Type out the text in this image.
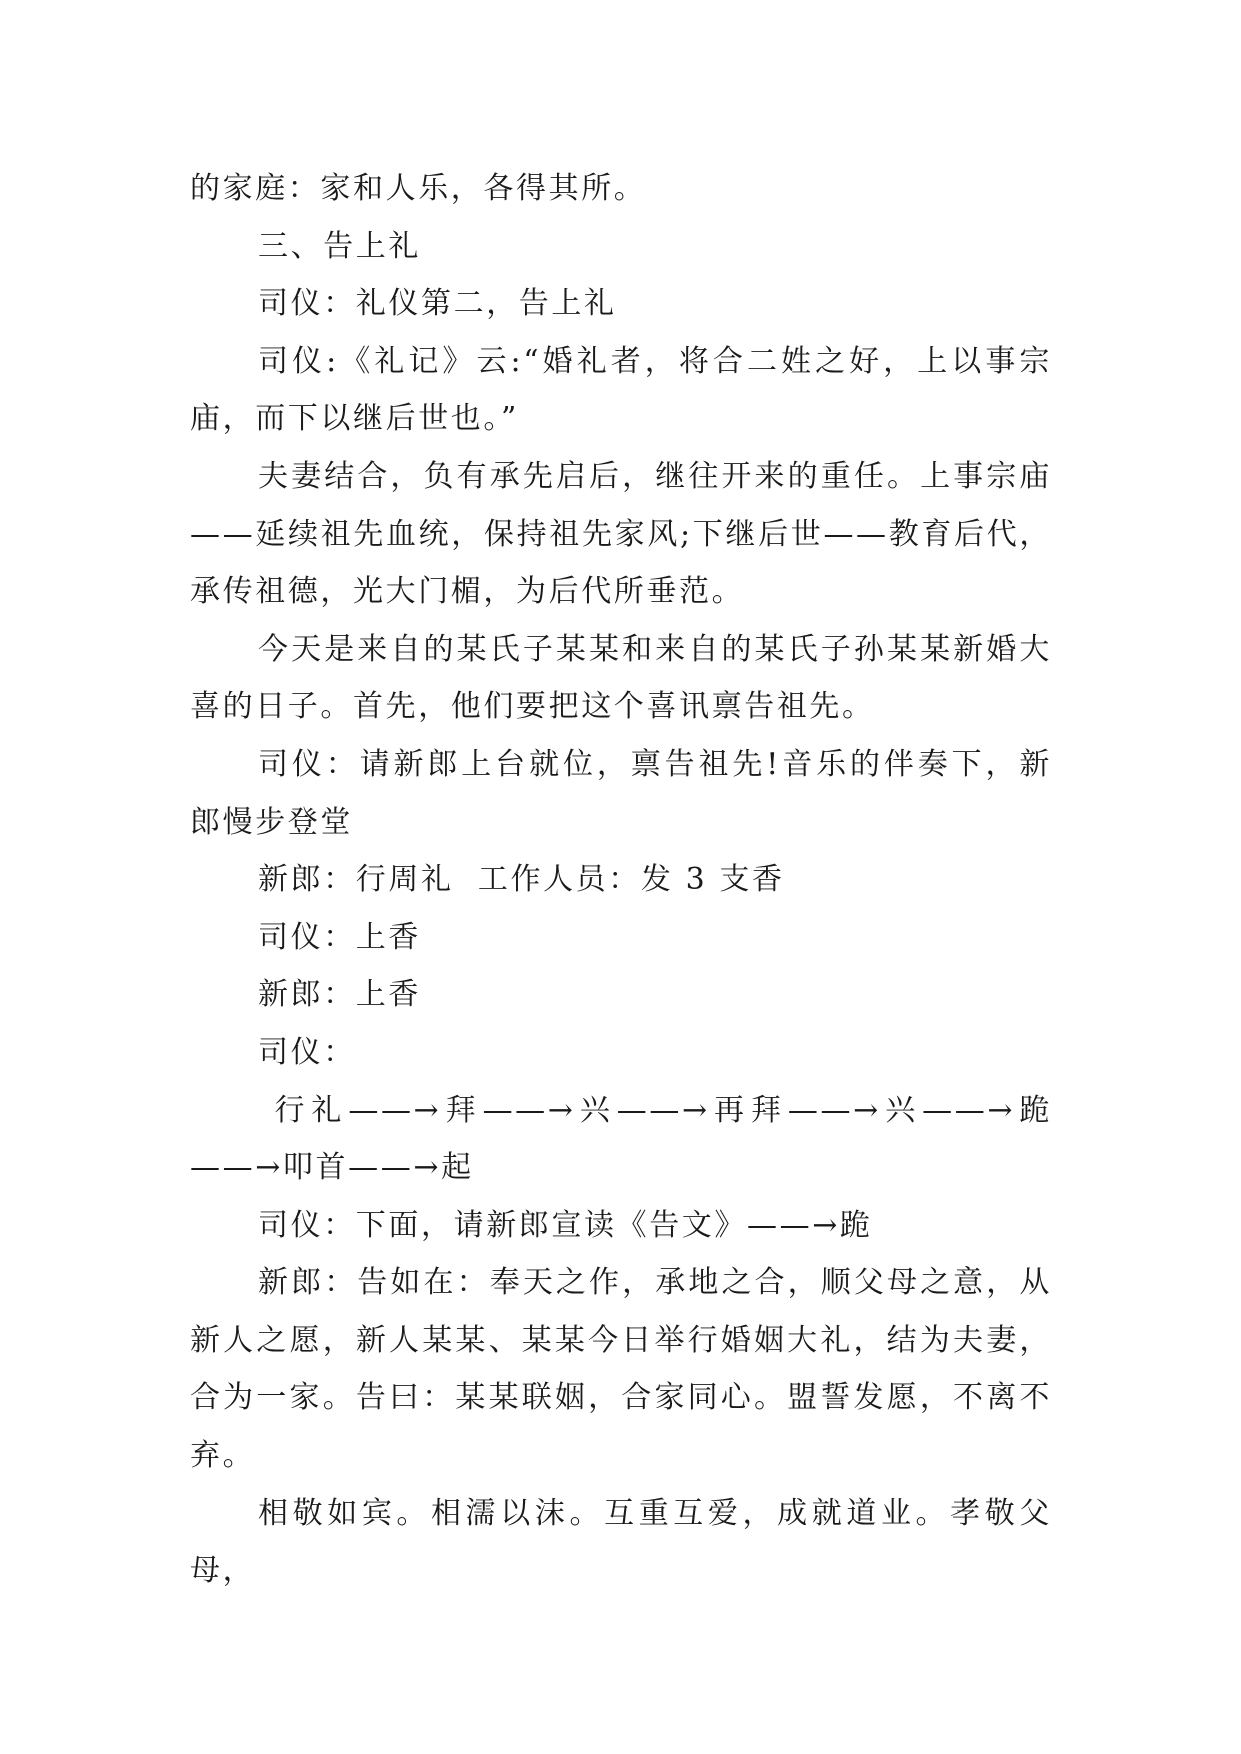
的家庭：家和人乐，各得其所。

三、告上礼

司仪：礼仪第二，告上礼

司仪:《礼记》云:“婚礼者，将合二姓之好，上以事宗庙，而下以继后世也。”

夫妻结合，负有承先启后，继往开来的重任。上事宗庙——延续祖先血统，保持祖先家风;下继后世——教育后代，承传祖德，光大门楣，为后代所垂范。

今天是来自的某氏子某某和来自的某氏子孙某某新婚大喜的日子。首先，他们要把这个喜讯禀告祖先。

司仪：请新郎上台就位，禀告祖先!音乐的伴奏下，新郎慢步登堂

新郎：行周礼  工作人员：发 3 支香

司仪：上香

新郎：上香

司仪：

行礼——→拜——→兴——→再拜——→兴——→跪——→叩首——→起

司仪：下面，请新郎宣读《告文》——→跪

新郎：告如在：奉天之作，承地之合，顺父母之意，从新人之愿，新人某某、某某今日举行婚姻大礼，结为夫妻，合为一家。告曰：某某联姻，合家同心。盟誓发愿，不离不弃。

相敬如宾。相濡以沫。互重互爱，成就道业。孝敬父母，
